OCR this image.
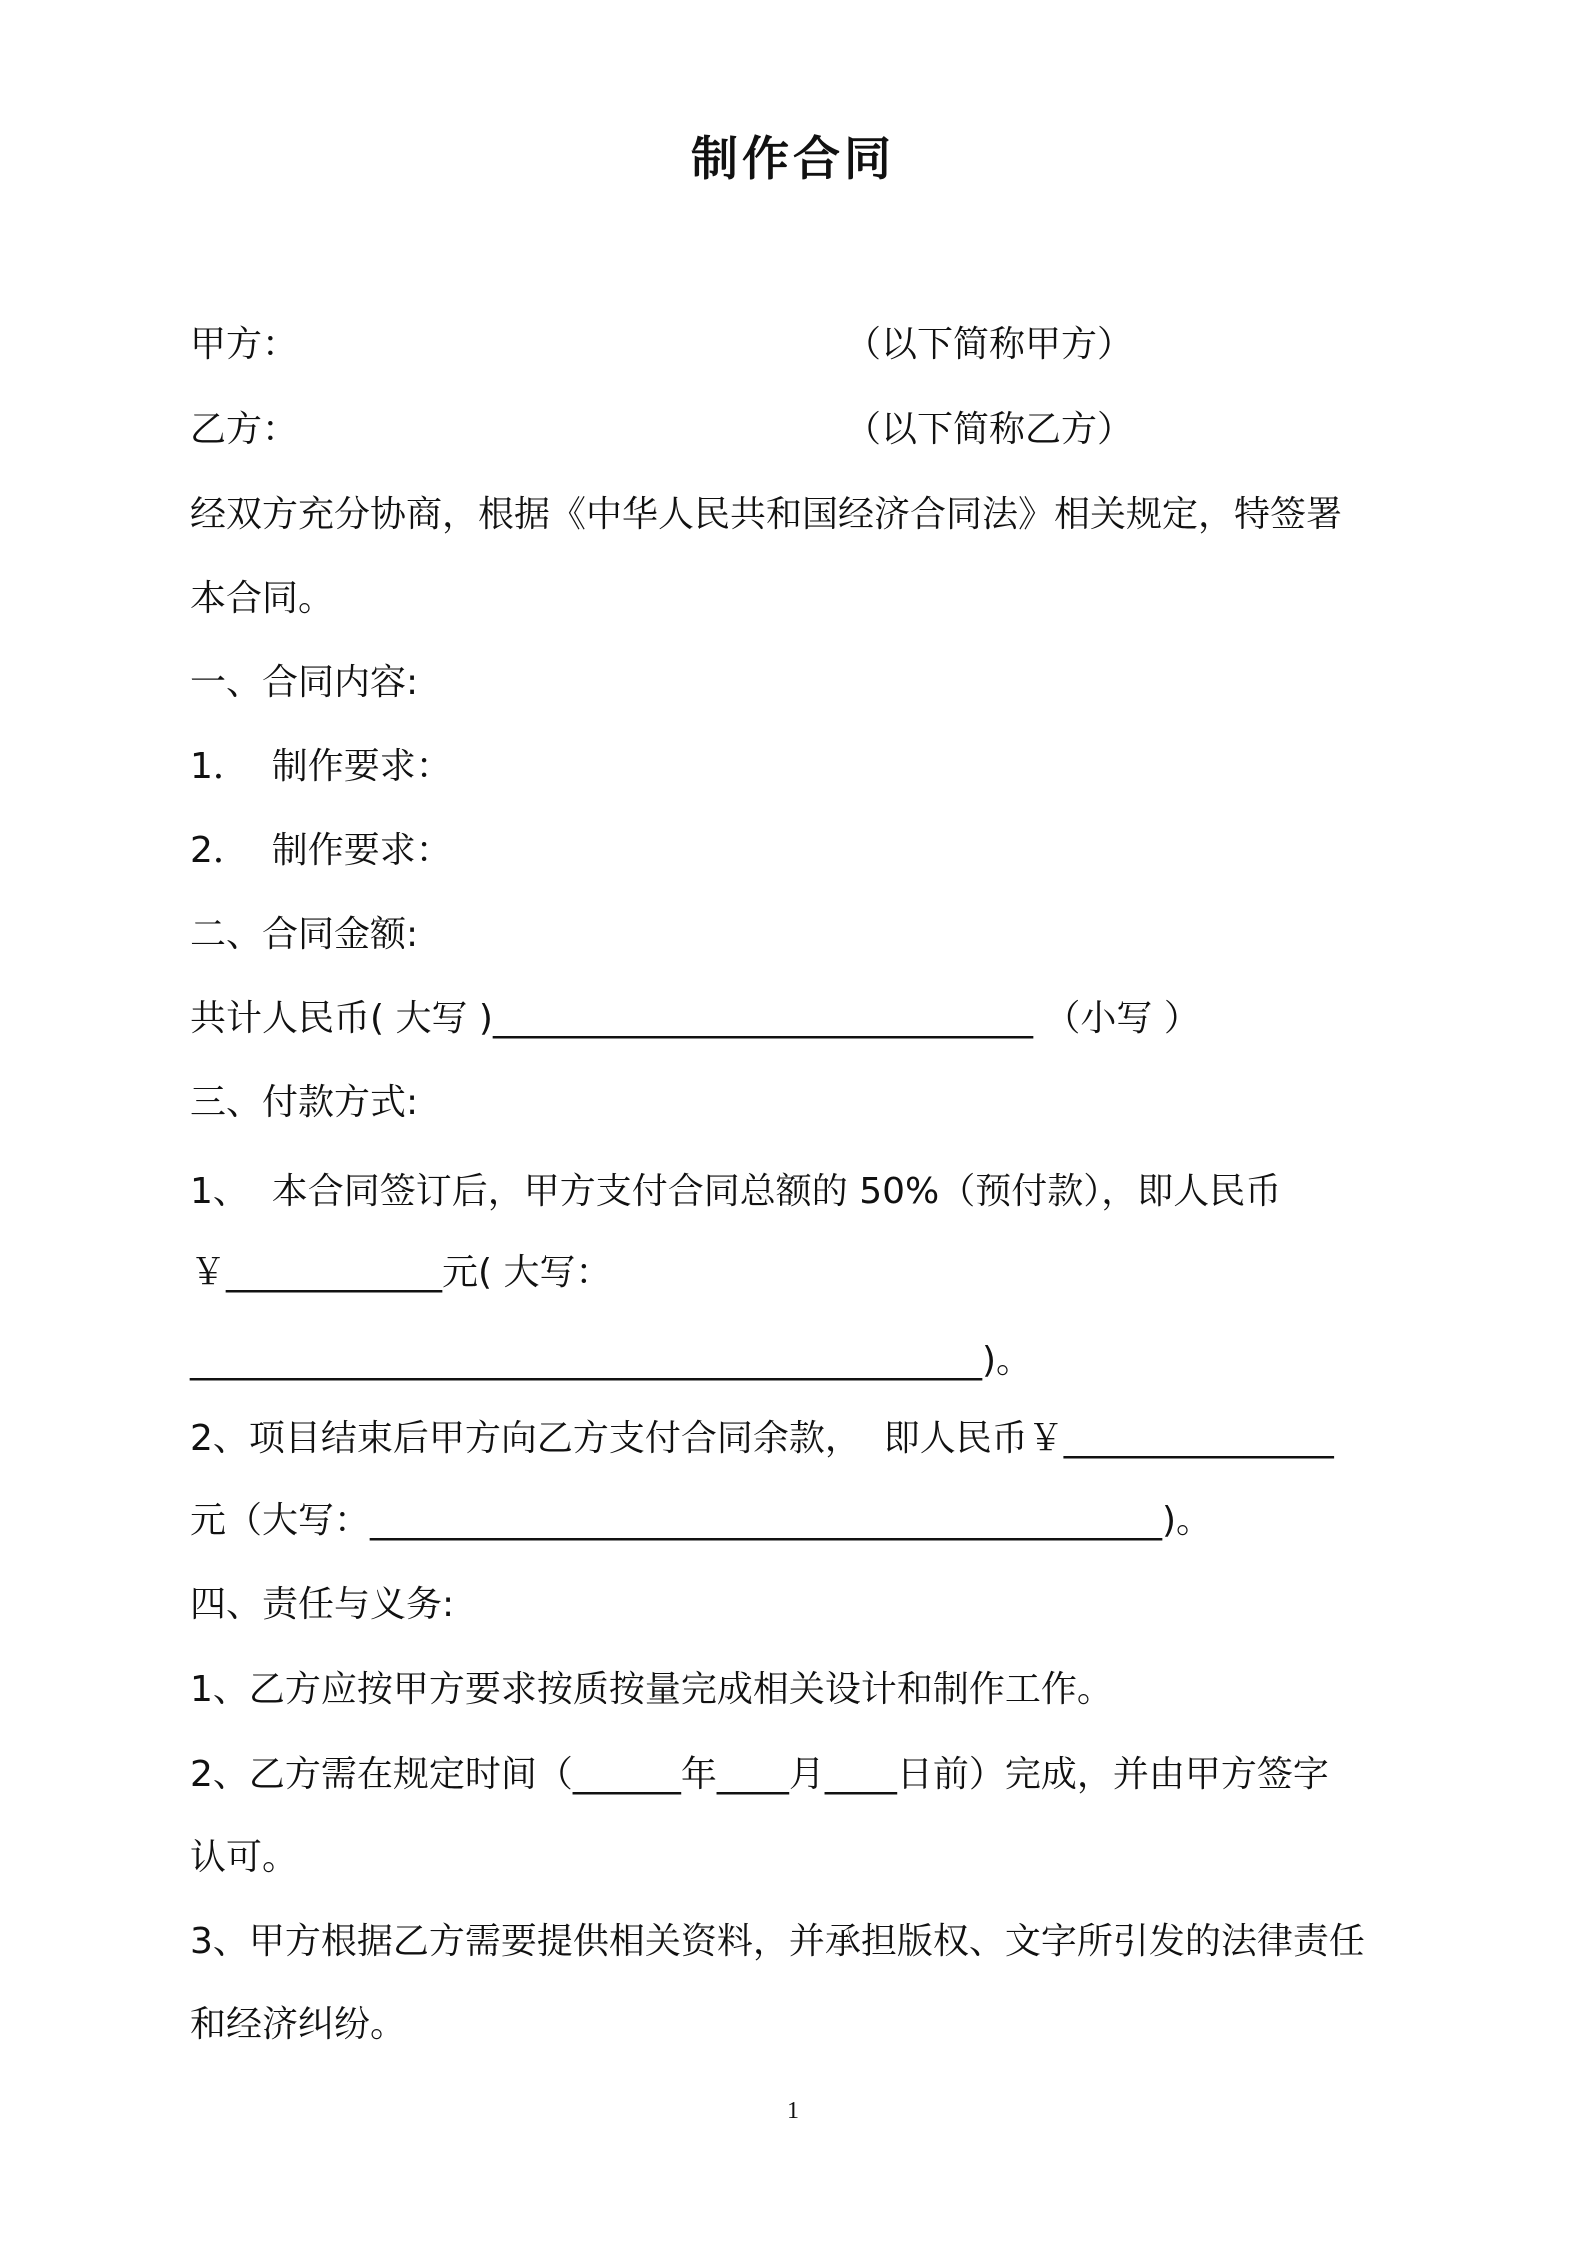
制作合同
甲方：	（以下简称甲方）
乙方：	（以下简称乙方）
经双方充分协商，根据《中华人民共和国经济合同法》相关规定，特签署
本合同。
一、合同内容:
1．  制作要求：
2．  制作要求：
二、合同金额:
共计人民币( 大写 )______________________________ （小写 ）
三、付款方式:
1、  本合同签订后，甲方支付合同总额的 50%（预付款），即人民币
￥____________元( 大写：
____________________________________________)。
2、项目结束后甲方向乙方支付合同余款，  即人民币￥_______________
元（大写：____________________________________________)。
四、责任与义务:
1、乙方应按甲方要求按质按量完成相关设计和制作工作。
2、乙方需在规定时间（______年____月____日前）完成，并由甲方签字
认可。
3、甲方根据乙方需要提供相关资料，并承担版权、文字所引发的法律责任
和经济纠纷。
1
